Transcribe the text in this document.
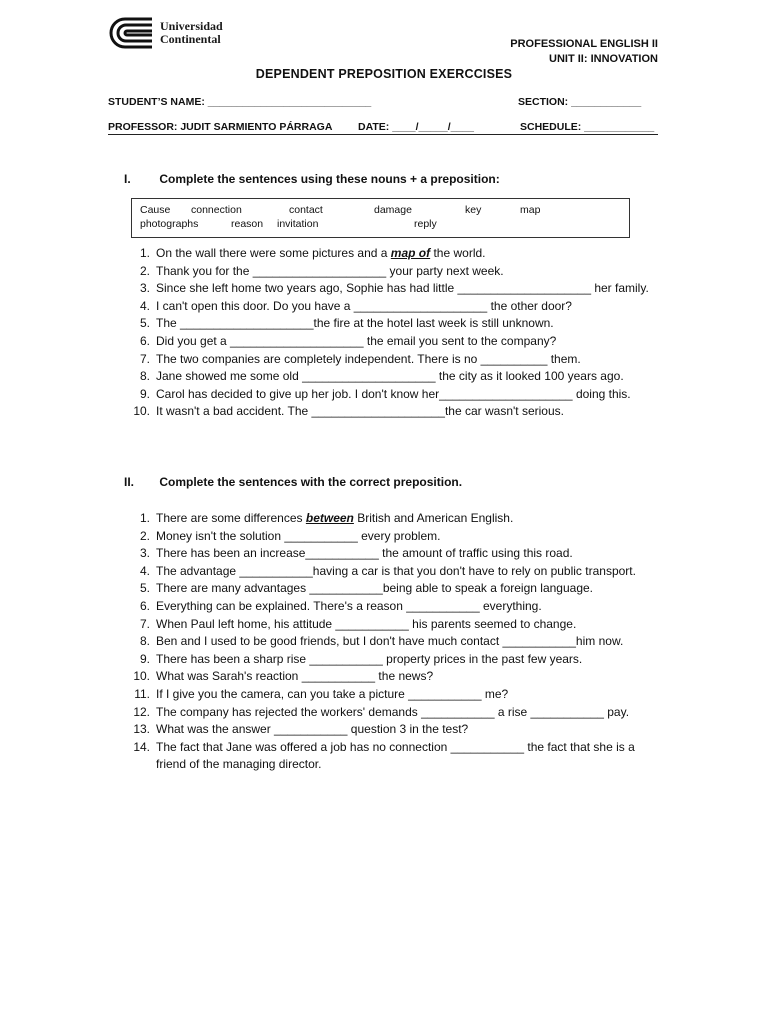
Universidad
Continental	PROFESSIONAL ENGLISH II
UNIT II: INNOVATION
DEPENDENT PREPOSITION EXERCCISES
STUDENT’S NAME: ____________________________	SECTION: ____________
PROFESSOR: JUDIT SARMIENTO PÁRRAGA DATE: ____/_____/____	SCHEDULE: ____________
I. Complete the sentences using these nouns + a preposition:
Cause connection	contact	damage	key	map
photographs	reason invitation	reply
1. On the wall there were some pictures and a map of the world.
2. Thank you for the ____________________ your party next week.
3. Since she left home two years ago, Sophie has had little ____________________ her family.
4. I can't open this door. Do you have a ____________________ the other door?
5. The ____________________the fire at the hotel last week is still unknown.
6. Did you get a ____________________ the email you sent to the company?
7. The two companies are completely independent. There is no __________ them.
8. Jane showed me some old ____________________ the city as it looked 100 years ago.
9. Carol has decided to give up her job. I don't know her____________________ doing this.
10. It wasn't a bad accident. The ____________________the car wasn't serious.
II. Complete the sentences with the correct preposition.
1. There are some differences between British and American English.
2. Money isn't the solution ___________ every problem.
3. There has been an increase___________ the amount of traffic using this road.
4. The advantage ___________having a car is that you don't have to rely on public transport.
5. There are many advantages ___________being able to speak a foreign language.
6. Everything can be explained. There's a reason ___________ everything.
7. When Paul left home, his attitude ___________ his parents seemed to change.
8. Ben and I used to be good friends, but I don't have much contact ___________him now.
9. There has been a sharp rise ___________ property prices in the past few years.
10. What was Sarah's reaction ___________ the news?
11. If I give you the camera, can you take a picture ___________ me?
12. The company has rejected the workers' demands ___________ a rise ___________ pay.
13. What was the answer ___________ question 3 in the test?
14. The fact that Jane was offered a job has no connection ___________ the fact that she is a friend of the managing director.
